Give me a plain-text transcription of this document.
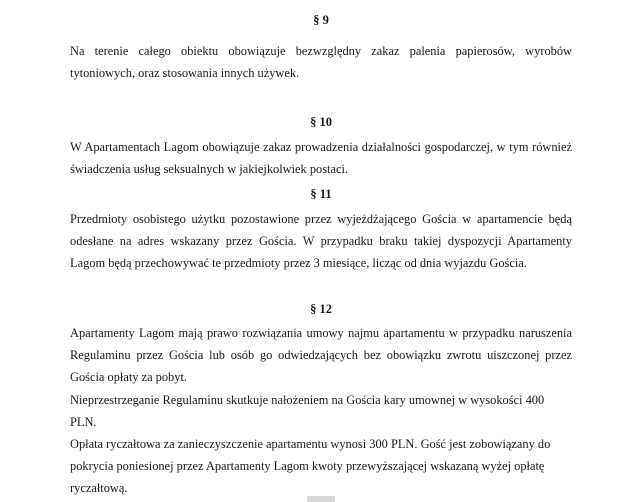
§ 9

Na terenie całego obiektu obowiązuje bezwzględny zakaz palenia papierosów, wyrobów tytoniowych, oraz stosowania innych używek.

§ 10

W Apartamentach Lagom obowiązuje zakaz prowadzenia działalności gospodarczej, w tym również świadczenia usług seksualnych w jakiejkolwiek postaci.

§ 11

Przedmioty osobistego użytku pozostawione przez wyjeżdżającego Gościa w apartamencie będą odesłane na adres wskazany przez Gościa. W przypadku braku takiej dyspozycji Apartamenty Lagom będą przechowywać te przedmioty przez 3 miesiące, licząc od dnia wyjazdu Gościa.

§ 12

Apartamenty Lagom mają prawo rozwiązania umowy najmu apartamentu w przypadku naruszenia Regulaminu przez Gościa lub osób go odwiedzających bez obowiązku zwrotu uiszczonej przez Gościa opłaty za pobyt.

Nieprzestrzeganie Regulaminu skutkuje nałożeniem na Gościa kary umownej w wysokości 400 PLN.

Opłata ryczałtowa za zanieczyszczenie apartamentu wynosi 300 PLN. Gość jest zobowiązany do pokrycia poniesionej przez Apartamenty Lagom kwoty przewyższającej wskazaną wyżej opłatę ryczałtową.
